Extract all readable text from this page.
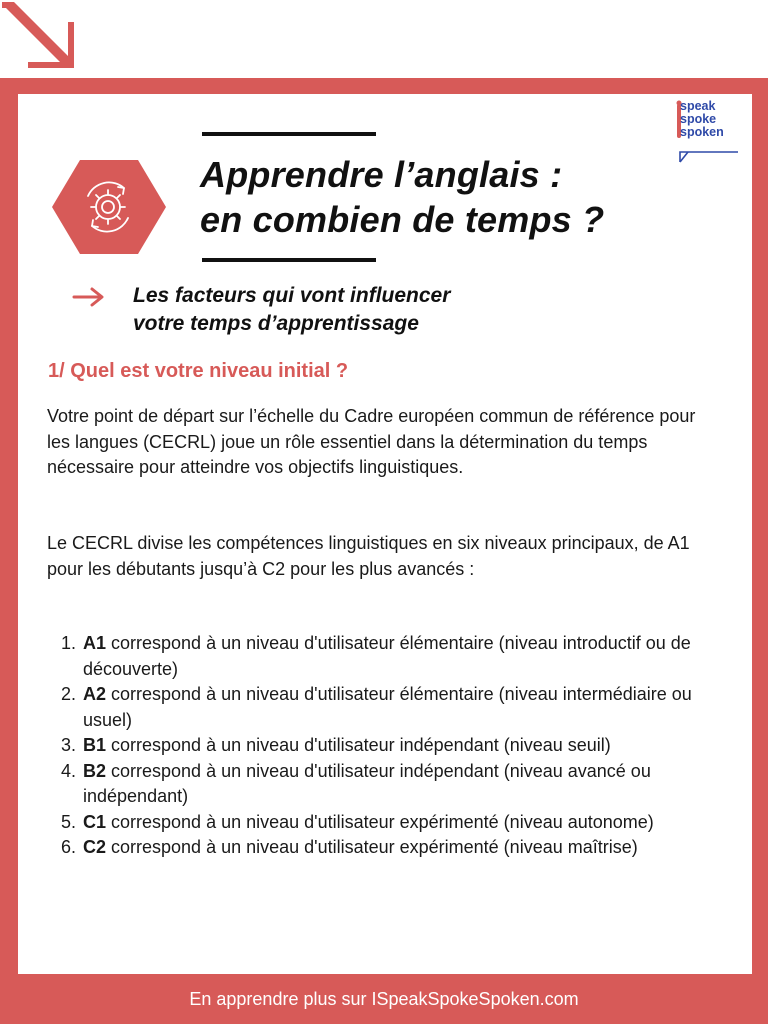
speak
spoke
spoken

Apprendre l’anglais :
en combien de temps ?

Les facteurs qui vont influencer
votre temps d’apprentissage

1/ Quel est votre niveau initial ?

Votre point de départ sur l’échelle du Cadre européen commun de référence pour les langues (CECRL) joue un rôle essentiel dans la détermination du temps nécessaire pour atteindre vos objectifs linguistiques.

Le CECRL divise les compétences linguistiques en six niveaux principaux, de A1 pour les débutants jusqu’à C2 pour les plus avancés :

1. A1 correspond à un niveau d'utilisateur élémentaire (niveau introductif ou de découverte)
2. A2 correspond à un niveau d'utilisateur élémentaire (niveau intermédiaire ou usuel)
3. B1 correspond à un niveau d'utilisateur indépendant (niveau seuil)
4. B2 correspond à un niveau d'utilisateur indépendant (niveau avancé ou indépendant)
5. C1 correspond à un niveau d'utilisateur expérimenté (niveau autonome)
6. C2 correspond à un niveau d'utilisateur expérimenté (niveau maîtrise)

En apprendre plus sur ISpeakSpokeSpoken.com
